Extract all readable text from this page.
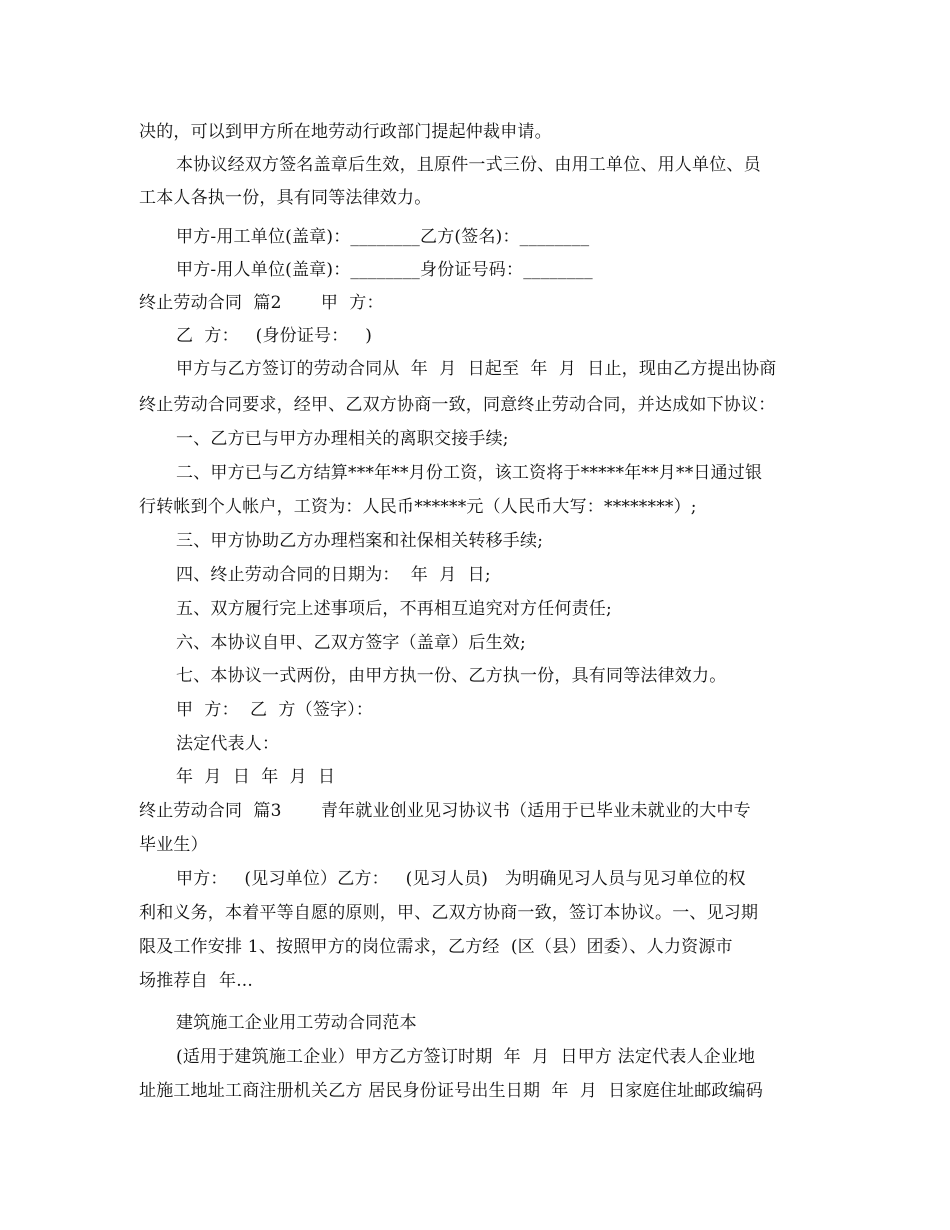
决的，可以到甲方所在地劳动行政部门提起仲裁申请。
本协议经双方签名盖章后生效，且原件一式三份、由用工单位、用人单位、员
工本人各执一份，具有同等法律效力。
甲方-用工单位(盖章)：________乙方(签名)：________
甲方-用人单位(盖章)：________身份证号码：________
终止劳动合同  篇2       甲  方：
乙  方：   (身份证号：   )
甲方与乙方签订的劳动合同从  年  月  日起至  年  月  日止，现由乙方提出协商
终止劳动合同要求，经甲、乙双方协商一致，同意终止劳动合同，并达成如下协议：
一、乙方已与甲方办理相关的离职交接手续;
二、甲方已与乙方结算***年**月份工资，该工资将于*****年**月**日通过银
行转帐到个人帐户，工资为：人民币******元（人民币大写：********）;
三、甲方协助乙方办理档案和社保相关转移手续;
四、终止劳动合同的日期为：  年  月  日;
五、双方履行完上述事项后，不再相互追究对方任何责任;
六、本协议自甲、乙双方签字（盖章）后生效;
七、本协议一式两份，由甲方执一份、乙方执一份，具有同等法律效力。
甲  方：  乙  方（签字）：
法定代表人：
年  月  日  年  月  日
终止劳动合同  篇3       青年就业创业见习协议书（适用于已毕业未就业的大中专
毕业生）
甲方：   (见习单位）乙方：   (见习人员)   为明确见习人员与见习单位的权
利和义务，本着平等自愿的原则，甲、乙双方协商一致，签订本协议。一、见习期
限及工作安排 1、按照甲方的岗位需求，乙方经  (区（县）团委）、人力资源市
场推荐自  年...
建筑施工企业用工劳动合同范本
(适用于建筑施工企业）甲方乙方签订时期  年  月  日甲方 法定代表人企业地
址施工地址工商注册机关乙方 居民身份证号出生日期  年  月  日家庭住址邮政编码
